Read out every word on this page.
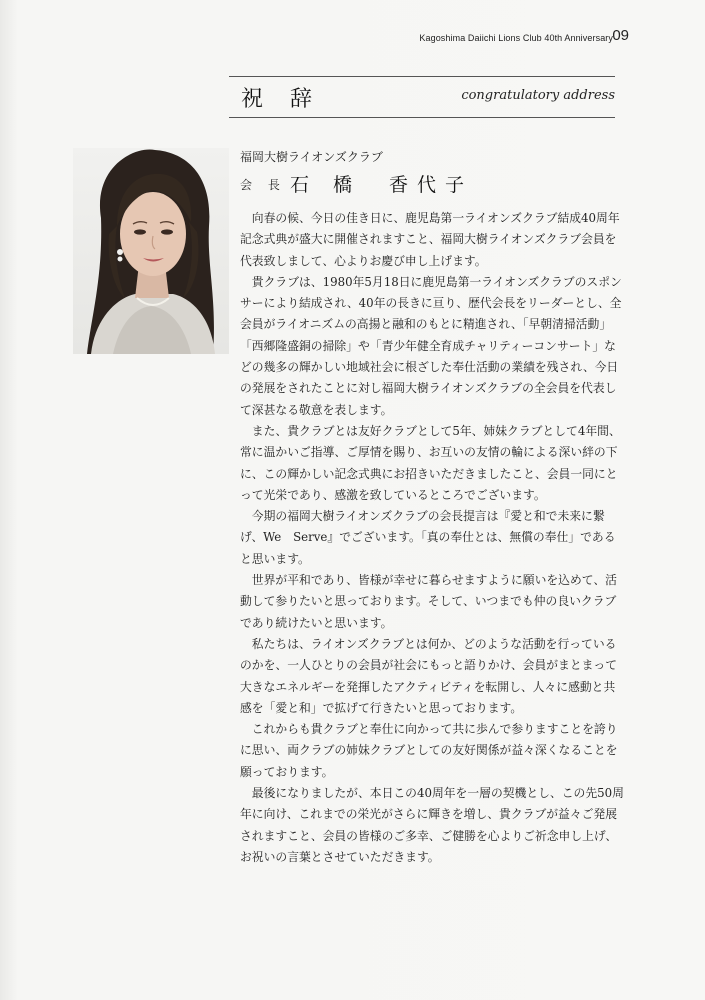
Kagoshima Daiichi Lions Club 40th Anniversary 09
祝 辞	congratulatory address
福岡大樹ライオンズクラブ
会 長 石 橋　香代子

向春の候、今日の佳き日に、鹿児島第一ライオンズクラブ結成40周年記念式典が盛大に開催されますこと、福岡大樹ライオンズクラブ会員を代表致しまして、心よりお慶び申し上げます。

貴クラブは、1980年5月18日に鹿児島第一ライオンズクラブのスポンサーにより結成され、40年の長きに亘り、歴代会長をリーダーとし、全会員がライオニズムの高揚と融和のもとに精進され、「早朝清掃活動」「西郷隆盛銅の掃除」や「青少年健全育成チャリティーコンサート」などの幾多の輝かしい地域社会に根ざした奉仕活動の業績を残され、今日の発展をされたことに対し福岡大樹ライオンズクラブの全会員を代表して深甚なる敬意を表します。

また、貴クラブとは友好クラブとして5年、姉妹クラブとして4年間、常に温かいご指導、ご厚情を賜り、お互いの友情の輪による深い絆の下に、この輝かしい記念式典にお招きいただきましたこと、会員一同にとって光栄であり、感激を致しているところでございます。

今期の福岡大樹ライオンズクラブの会長提言は『愛と和で未来に繋げ、We　Serve』でございます。「真の奉仕とは、無償の奉仕」であると思います。

世界が平和であり、皆様が幸せに暮らせますように願いを込めて、活動して参りたいと思っております。そして、いつまでも仲の良いクラブであり続けたいと思います。

私たちは、ライオンズクラブとは何か、どのような活動を行っているのかを、一人ひとりの会員が社会にもっと語りかけ、会員がまとまって大きなエネルギーを発揮したアクティビティを転開し、人々に感動と共感を「愛と和」で拡げて行きたいと思っております。

これからも貴クラブと奉仕に向かって共に歩んで参りますことを誇りに思い、両クラブの姉妹クラブとしての友好関係が益々深くなることを願っております。

最後になりましたが、本日この40周年を一層の契機とし、この先50周年に向け、これまでの栄光がさらに輝きを増し、貴クラブが益々ご発展されますこと、会員の皆様のご多幸、ご健勝を心よりご祈念申し上げ、お祝いの言葉とさせていただきます。
